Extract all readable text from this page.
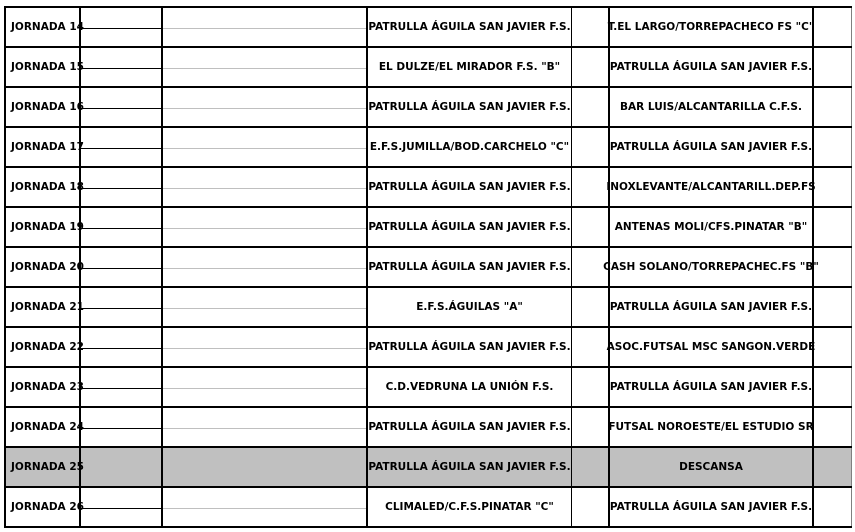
JORNADA 14	PATRULLA ÁGUILA SAN JAVIER F.S.	T.EL LARGO/TORREPACHECO FS "C"
JORNADA 15	EL DULZE/EL MIRADOR F.S. "B"	PATRULLA ÁGUILA SAN JAVIER F.S.
JORNADA 16	PATRULLA ÁGUILA SAN JAVIER F.S.	BAR LUIS/ALCANTARILLA C.F.S.
JORNADA 17	E.F.S.JUMILLA/BOD.CARCHELO "C"	PATRULLA ÁGUILA SAN JAVIER F.S.
JORNADA 18	PATRULLA ÁGUILA SAN JAVIER F.S.	INOXLEVANTE/ALCANTARILL.DEP.FS
JORNADA 19	PATRULLA ÁGUILA SAN JAVIER F.S.	ANTENAS MOLI/CFS.PINATAR "B"
JORNADA 20	PATRULLA ÁGUILA SAN JAVIER F.S.	CASH SOLANO/TORREPACHEC.FS "B"
JORNADA 21	E.F.S.ÁGUILAS "A"	PATRULLA ÁGUILA SAN JAVIER F.S.
JORNADA 22	PATRULLA ÁGUILA SAN JAVIER F.S.	ASOC.FUTSAL MSC SANGON.VERDE
JORNADA 23	C.D.VEDRUNA LA UNIÓN F.S.	PATRULLA ÁGUILA SAN JAVIER F.S.
JORNADA 24	PATRULLA ÁGUILA SAN JAVIER F.S.	FUTSAL NOROESTE/EL ESTUDIO SR
JORNADA 25	PATRULLA ÁGUILA SAN JAVIER F.S.	DESCANSA
JORNADA 26	CLIMALED/C.F.S.PINATAR "C"	PATRULLA ÁGUILA SAN JAVIER F.S.
